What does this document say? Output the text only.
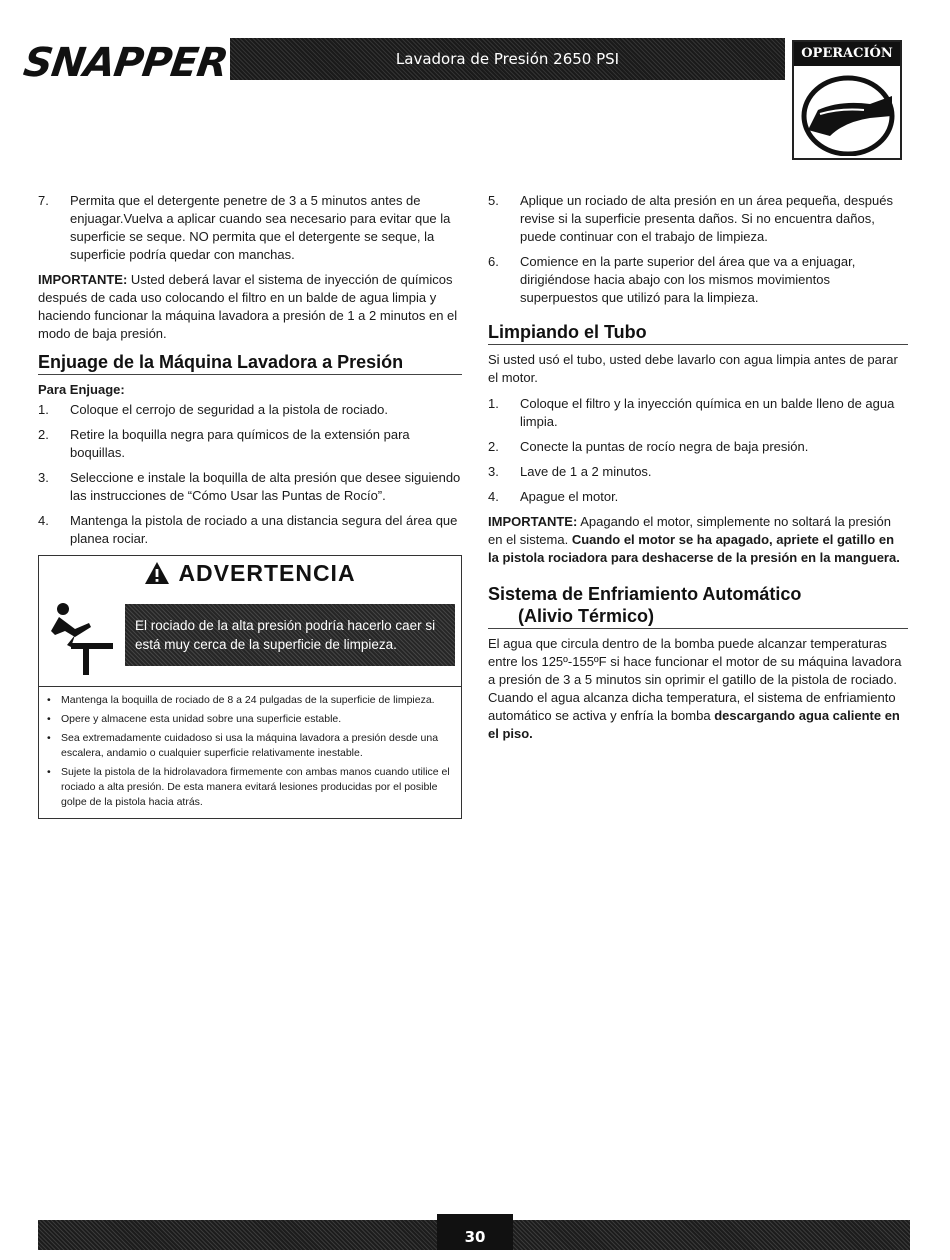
SNAPPER	Lavadora de Presión 2650 PSI	OPERACIÓN
7.	Permita que el detergente penetre de 3 a 5 minutos antes de enjuagar.Vuelva a aplicar cuando sea necesario para evitar que la superficie se seque. NO permita que el detergente se seque, la superficie podría quedar con manchas.

IMPORTANTE: Usted deberá lavar el sistema de inyección de químicos después de cada uso colocando el filtro en un balde de agua limpia y haciendo funcionar la máquina lavadora a presión de 1 a 2 minutos en el modo de baja presión.

Enjuage de la Máquina Lavadora a Presión
Para Enjuage:
1.	Coloque el cerrojo de seguridad a la pistola de rociado.
2.	Retire la boquilla negra para químicos de la extensión para boquillas.
3.	Seleccione e instale la boquilla de alta presión que desee siguiendo las instrucciones de “Cómo Usar las Puntas de Rocío”.
4.	Mantenga la pistola de rociado a una distancia segura del área que planea rociar.
ADVERTENCIA
El rociado de la alta presión podría hacerlo caer si está muy cerca de la superficie de limpieza.
• Mantenga la boquilla de rociado de 8 a 24 pulgadas de la superficie de limpieza.
• Opere y almacene esta unidad sobre una superficie estable.
• Sea extremadamente cuidadoso si usa la máquina lavadora a presión desde una escalera, andamio o cualquier superficie relativamente inestable.
• Sujete la pistola de la hidrolavadora firmemente con ambas manos cuando utilice el rociado a alta presión. De esta manera evitará lesiones producidas por el posible golpe de la pistola hacia atrás.
5.	Aplique un rociado de alta presión en un área pequeña, después revise si la superficie presenta daños. Si no encuentra daños, puede continuar con el trabajo de limpieza.
6.	Comience en la parte superior del área que va a enjuagar, dirigiéndose hacia abajo con los mismos movimientos superpuestos que utilizó para la limpieza.
Limpiando el Tubo

Si usted usó el tubo, usted debe lavarlo con agua limpia antes de parar el motor.

1.	Coloque el filtro y la inyección química en un balde lleno de agua limpia.
2.	Conecte la puntas de rocío negra de baja presión.
3.	Lave de 1 a 2 minutos.
4.	Apague el motor.

IMPORTANTE: Apagando el motor, simplemente no soltará la presión en el sistema. Cuando el motor se ha apagado, apriete el gatillo en la pistola rociadora para deshacerse de la presión en la manguera.

Sistema de Enfriamiento Automático
(Alivio Térmico)

El agua que circula dentro de la bomba puede alcanzar temperaturas entre los 125º-155ºF si hace funcionar el motor de su máquina lavadora a presión de 3 a 5 minutos sin oprimir el gatillo de la pistola de rociado. Cuando el agua alcanza dicha temperatura, el sistema de enfriamiento automático se activa y enfría la bomba descargando agua caliente en el piso.

30
